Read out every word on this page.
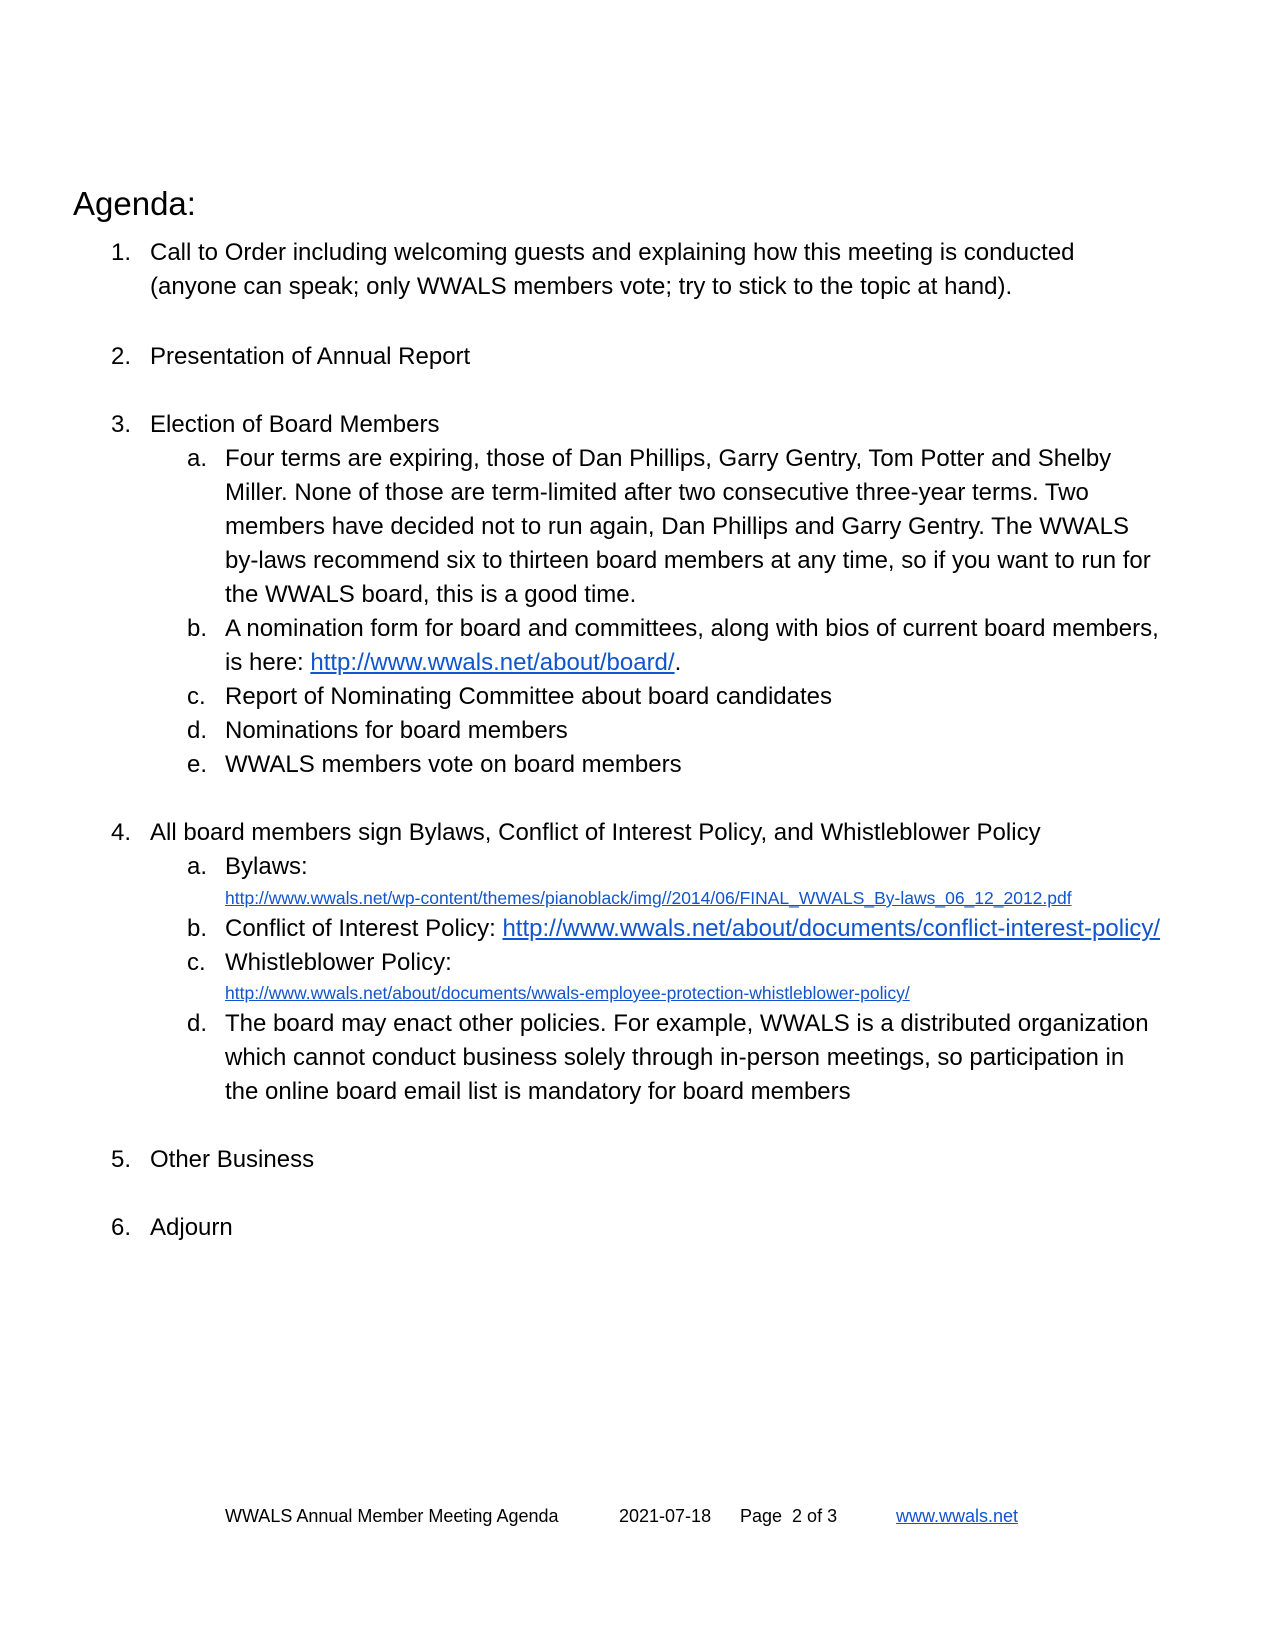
Agenda:
1. Call to Order including welcoming guests and explaining how this meeting is conducted
(anyone can speak; only WWALS members vote; try to stick to the topic at hand).
2. Presentation of Annual Report
3. Election of Board Members
a. Four terms are expiring, those of Dan Phillips, Garry Gentry, Tom Potter and Shelby
Miller. None of those are term-limited after two consecutive three-year terms. Two
members have decided not to run again, Dan Phillips and Garry Gentry. The WWALS
by-laws recommend six to thirteen board members at any time, so if you want to run for
the WWALS board, this is a good time.
b. A nomination form for board and committees, along with bios of current board members,
is here: http://www.wwals.net/about/board/.
c. Report of Nominating Committee about board candidates
d. Nominations for board members
e. WWALS members vote on board members
4. All board members sign Bylaws, Conflict of Interest Policy, and Whistleblower Policy
a. Bylaws:
http://www.wwals.net/wp-content/themes/pianoblack/img//2014/06/FINAL_WWALS_By-laws_06_12_2012.pdf
b. Conflict of Interest Policy: http://www.wwals.net/about/documents/conflict-interest-policy/
c. Whistleblower Policy:
http://www.wwals.net/about/documents/wwals-employee-protection-whistleblower-policy/
d. The board may enact other policies. For example, WWALS is a distributed organization
which cannot conduct business solely through in-person meetings, so participation in
the online board email list is mandatory for board members
5. Other Business
6. Adjourn
WWALS Annual Member Meeting Agenda	2021-07-18 Page  2 of 3	www.wwals.net
